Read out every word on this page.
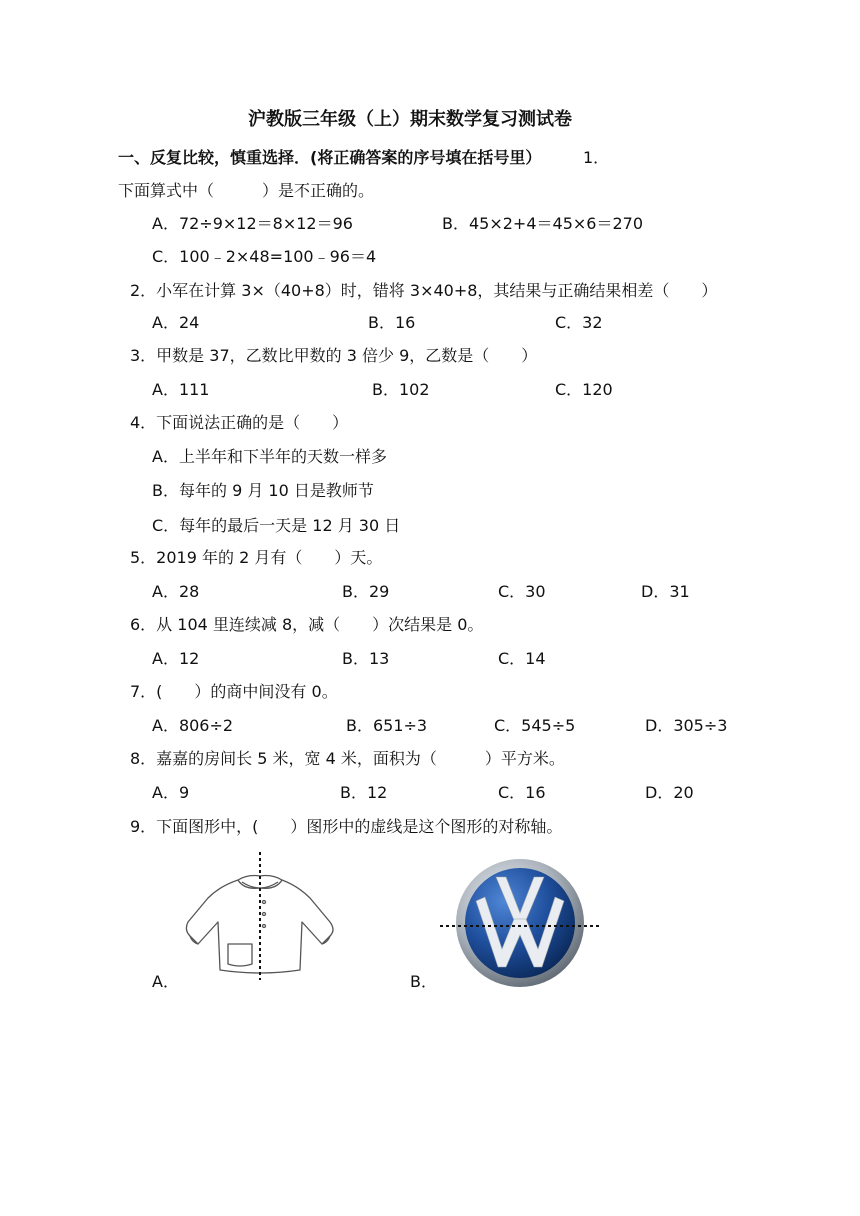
沪教版三年级（上）期末数学复习测试卷
一、反复比较，慎重选择．(将正确答案的序号填在括号里）	1．
下面算式中（　　　）是不正确的。
A．72÷9×12＝8×12＝96	B．45×2+4＝45×6＝270
C．100﹣2×48=100﹣96＝4
2．小军在计算 3×（40+8）时，错将 3×40+8，其结果与正确结果相差（　　）
A．24	B．16	C．32
3．甲数是 37，乙数比甲数的 3 倍少 9，乙数是（　　）
A．111	B．102	C．120
4．下面说法正确的是（　　）
A．上半年和下半年的天数一样多
B．每年的 9 月 10 日是教师节
C．每年的最后一天是 12 月 30 日
5．2019 年的 2 月有（　　）天。
A．28	B．29	C．30	D．31
6．从 104 里连续减 8，减（　　）次结果是 0。
A．12	B．13	C．14
7．(　　）的商中间没有 0。
A．806÷2	B．651÷3	C．545÷5	D．305÷3
8．嘉嘉的房间长 5 米，宽 4 米，面积为（　　　）平方米。
A．9	B．12	C．16	D．20
9．下面图形中，(　　）图形中的虚线是这个图形的对称轴。
A．	B．
